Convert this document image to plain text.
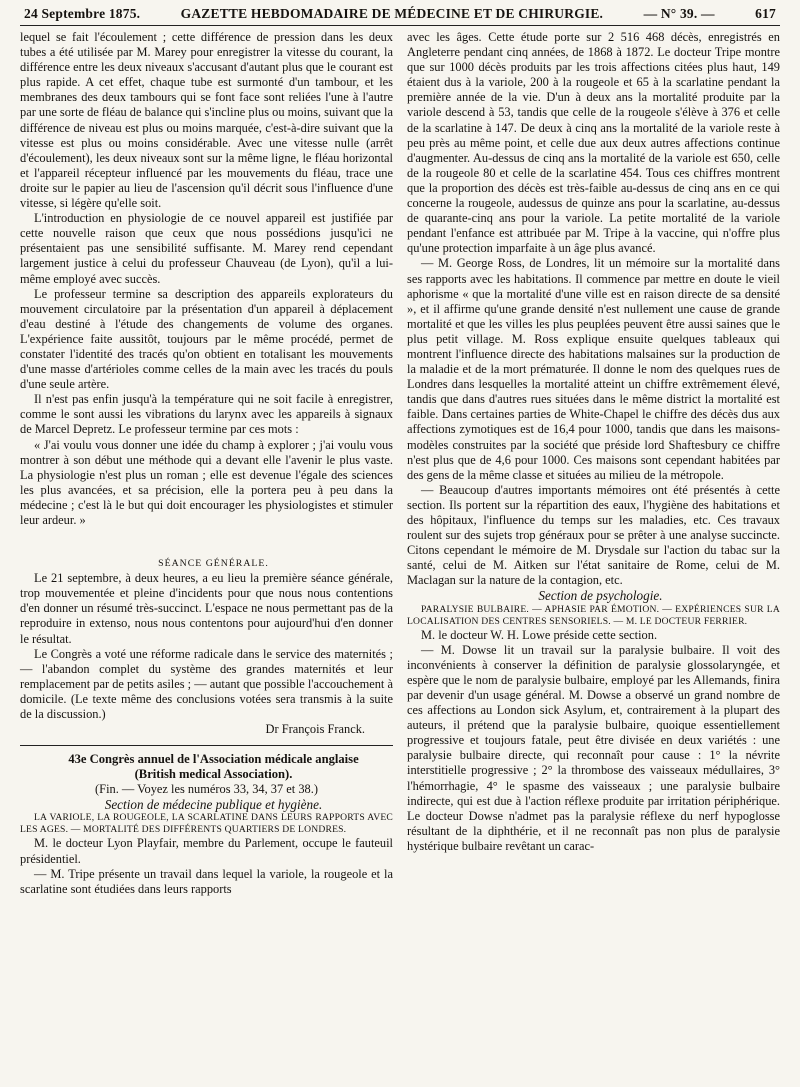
24 Septembre 1875.	GAZETTE HEBDOMADAIRE DE MÉDECINE ET DE CHIRURGIE.	— N° 39. —	617

lequel se fait l'écoulement ; cette différence de pression dans les deux tubes a été utilisée par M. Marey pour enregistrer la vitesse du courant, la différence entre les deux niveaux s'accusant d'autant plus que le courant est plus rapide. A cet effet, chaque tube est surmonté d'un tambour, et les membranes des deux tambours qui se font face sont reliées l'une à l'autre par une sorte de fléau de balance qui s'incline plus ou moins, suivant que la différence de niveau est plus ou moins marquée, c'est-à-dire suivant que la vitesse est plus ou moins considérable. Avec une vitesse nulle (arrêt d'écoulement), les deux niveaux sont sur la même ligne, le fléau horizontal et l'appareil récepteur influencé par les mouvements du fléau, trace une droite sur le papier au lieu de l'ascension qu'il décrit sous l'influence d'une vitesse, si légère qu'elle soit.

L'introduction en physiologie de ce nouvel appareil est justifiée par cette nouvelle raison que ceux que nous possédions jusqu'ici ne présentaient pas une sensibilité suffisante. M. Marey rend cependant largement justice à celui du professeur Chauveau (de Lyon), qu'il a lui-même employé avec succès.

Le professeur termine sa description des appareils explorateurs du mouvement circulatoire par la présentation d'un appareil à déplacement d'eau destiné à l'étude des changements de volume des organes. L'expérience faite aussitôt, toujours par le même procédé, permet de constater l'identité des tracés qu'on obtient en totalisant les mouvements d'une masse d'artérioles comme celles de la main avec les tracés du pouls d'une seule artère.

Il n'est pas enfin jusqu'à la température qui ne soit facile à enregistrer, comme le sont aussi les vibrations du larynx avec les appareils à signaux de Marcel Depretz. Le professeur termine par ces mots :

« J'ai voulu vous donner une idée du champ à explorer ; j'ai voulu vous montrer à son début une méthode qui a devant elle l'avenir le plus vaste. La physiologie n'est plus un roman ; elle est devenue l'égale des sciences les plus avancées, et sa précision, elle la portera peu à peu dans la médecine ; c'est là le but qui doit encourager les physiologistes et stimuler leur ardeur. »

SÉANCE GÉNÉRALE.

Le 21 septembre, à deux heures, a eu lieu la première séance générale, trop mouvementée et pleine d'incidents pour que nous nous contentions d'en donner un résumé très-succinct. L'espace ne nous permettant pas de la reproduire in extenso, nous nous contentons pour aujourd'hui d'en donner le résultat.

Le Congrès a voté une réforme radicale dans le service des maternités ; — l'abandon complet du système des grandes maternités et leur remplacement par de petits asiles ; — autant que possible l'accouchement à domicile. (Le texte même des conclusions votées sera transmis à la suite de la discussion.)

Dr François Franck.

43e Congrès annuel de l'Association médicale anglaise

(British medical Association).

(Fin. — Voyez les numéros 33, 34, 37 et 38.)

Section de médecine publique et hygiène.

LA VARIOLE, LA ROUGEOLE, LA SCARLATINE DANS LEURS RAPPORTS AVEC LES AGES. — MORTALITÉ DES DIFFÉRENTS QUARTIERS DE LONDRES.

M. le docteur Lyon Playfair, membre du Parlement, occupe le fauteuil présidentiel.

— M. Tripe présente un travail dans lequel la variole, la rougeole et la scarlatine sont étudiées dans leurs rapports

avec les âges. Cette étude porte sur 2 516 468 décès, enregistrés en Angleterre pendant cinq années, de 1868 à 1872. Le docteur Tripe montre que sur 1000 décès produits par les trois affections citées plus haut, 149 étaient dus à la variole, 200 à la rougeole et 65 à la scarlatine pendant la première année de la vie. D'un à deux ans la mortalité produite par la variole descend à 53, tandis que celle de la rougeole s'élève à 376 et celle de la scarlatine à 147. De deux à cinq ans la mortalité de la variole reste à peu près au même point, et celle due aux deux autres affections continue d'augmenter. Au-dessus de cinq ans la mortalité de la variole est 650, celle de la rougeole 80 et celle de la scarlatine 454. Tous ces chiffres montrent que la proportion des décès est très-faible au-dessus de cinq ans en ce qui concerne la rougeole, audessus de quinze ans pour la scarlatine, au-dessus de quarante-cinq ans pour la variole. La petite mortalité de la variole pendant l'enfance est attribuée par M. Tripe à la vaccine, qui n'offre plus qu'une protection imparfaite à un âge plus avancé.

— M. George Ross, de Londres, lit un mémoire sur la mortalité dans ses rapports avec les habitations. Il commence par mettre en doute le vieil aphorisme « que la mortalité d'une ville est en raison directe de sa densité », et il affirme qu'une grande densité n'est nullement une cause de grande mortalité et que les villes les plus peuplées peuvent être aussi saines que le plus petit village. M. Ross explique ensuite quelques tableaux qui montrent l'influence directe des habitations malsaines sur la production de la maladie et de la mort prématurée. Il donne le nom des quelques rues de Londres dans lesquelles la mortalité atteint un chiffre extrêmement élevé, tandis que dans d'autres rues situées dans le même district la mortalité est faible. Dans certaines parties de White-Chapel le chiffre des décès dus aux affections zymotiques est de 16,4 pour 1000, tandis que dans les maisons-modèles construites par la société que préside lord Shaftesbury ce chiffre n'est plus que de 4,6 pour 1000. Ces maisons sont cependant habitées par des gens de la même classe et situées au milieu de la métropole.

— Beaucoup d'autres importants mémoires ont été présentés à cette section. Ils portent sur la répartition des eaux, l'hygiène des habitations et des hôpitaux, l'influence du temps sur les maladies, etc. Ces travaux roulent sur des sujets trop généraux pour se prêter à une analyse succincte. Citons cependant le mémoire de M. Drysdale sur l'action du tabac sur la santé, celui de M. Aitken sur l'état sanitaire de Rome, celui de M. Maclagan sur la nature de la contagion, etc.

Section de psychologie.

PARALYSIE BULBAIRE. — APHASIE PAR ÉMOTION. — EXPÉRIENCES SUR LA LOCALISATION DES CENTRES SENSORIELS. — M. LE DOCTEUR FERRIER.

M. le docteur W. H. Lowe préside cette section.

— M. Dowse lit un travail sur la paralysie bulbaire. Il voit des inconvénients à conserver la définition de paralysie glossolaryngée, et espère que le nom de paralysie bulbaire, employé par les Allemands, finira par devenir d'un usage général. M. Dowse a observé un grand nombre de ces affections au London sick Asylum, et, contrairement à la plupart des auteurs, il prétend que la paralysie bulbaire, quoique essentiellement progressive et toujours fatale, peut être divisée en deux variétés : une paralysie bulbaire directe, qui reconnaît pour cause : 1° la névrite interstitielle progressive ; 2° la thrombose des vaisseaux médullaires, 3° l'hémorrhagie, 4° le spasme des vaisseaux ; une paralysie bulbaire indirecte, qui est due à l'action réflexe produite par irritation périphérique. Le docteur Dowse n'admet pas la paralysie réflexe du nerf hypoglosse résultant de la diphthérie, et il ne reconnaît pas non plus de paralysie hystérique bulbaire revêtant un carac-
